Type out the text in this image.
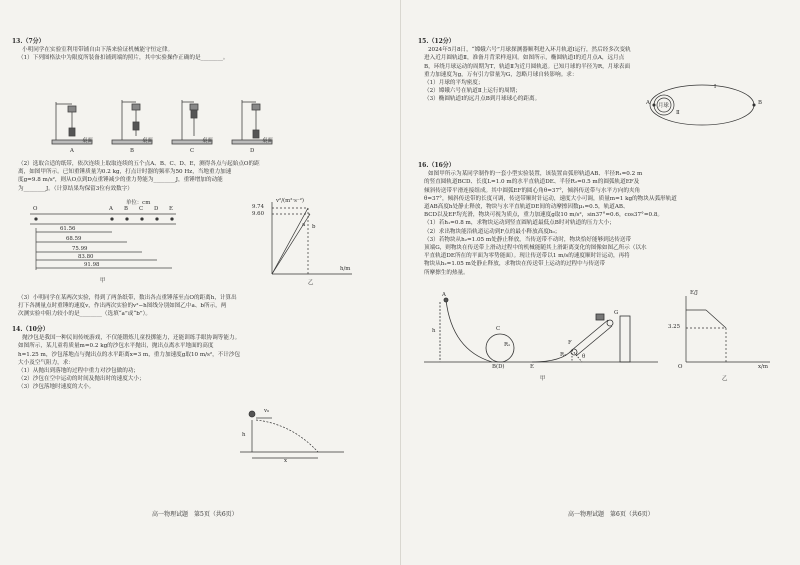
13.（7分）
小明同学在实验室利用带铺自由下落来验证机械能守恒定律。
（1）下列图格法中为限度所装备扣铺到端的照片，其中实验操作正确的是________。
桌面	桌面	桌面	桌面
A	B	C	D
（2）选取合适的纸带，依次连续上取取连续的五个点A、B、C、D、E，测得各点与起始点O的距
离，如图甲所示。已知重锤质量为0.2 kg，打点计时器的频率为50 Hz，当地重力加速
度g=9.8 m/s²，则从O点到D点重锤减少的重力势能为________J，重锤增加的动能
为________J。（计算结果均保留3位有效数字）
单位：cm
O	A B C D E
61.56
68.59
75.99
83.80
91.98
甲
v²/(m²·s⁻²)
h/m
9.74
9.60
a b
乙
（3）小明同学在某两次实验，得到了两条纸带，数出各点重锤落至点O的距离h，计算出
打下各测量点时重锤的速度v，作出两次实验的v²−h图线分别如图乙中a、b所示，两
次测实验中阻力较小的是________（选填“a”或“b”）。
14.（10分）
抛沙包是我国一种民间传统游戏，不仅能锻炼儿童投掷能力，还能训练手眼协调等能力。
如图所示，某儿童将质量m=0.2 kg的沙包水平抛出，抛出点离水平地面的高度
h=1.25 m，沙包落地点与抛出点的水平距离x=3 m，重力加速度g取10 m/s²，不计沙包
大小及空气阻力，求：
（1）从抛出到落地的过程中重力对沙包做的功；
（2）沙包在空中运动的时间及抛出时的速度大小；
（3）沙包落地时速度的大小。
v₀
h
x
高一物理试题　第5页（共6页）
15.（12分）
2024年5月8日，“嫦娥六号”月球探测器顺利进入环月轨道Ⅰ运行，然后经多次变轨
进入近月圆轨道Ⅱ，准备月背采样返回。如图所示，椭圆轨道Ⅰ的近月点A，远月点
B，环绕月球运动的周期为T，轨道Ⅱ为近月圆轨道。已知月球的半径为R，月球表面
重力加速度为g，万有引力常量为G，忽略月球自转影响。求：
（1）月球的平均密度；
（2）嫦娥六号在轨道Ⅱ上运行的周期；
（3）椭圆轨道Ⅰ的远月点B到月球球心的距离。
月球
A	B
Ⅰ
Ⅱ
16.（16分）
如图甲所示为某同学制作的一套小型实验装置，该装置由弧形轨道AB、半径R₁=0.2 m
的竖直圆轨道BCD、长度L=1.0 m的水平直轨道DE、半径R₂=0.5 m的圆弧轨道EF及
倾斜传送带平滑连接组成。其中圆弧EF的圆心角θ=37°，倾斜传送带与水平方向的夹角
θ=37°，倾斜传送带的长度可调，传送带顺时针运动，速度大小可调，质量m=1 kg的物块从弧形轨道
道AB高度h处静止释放，物块与水平直轨道DE间的动摩擦因数μ₁=0.5，轨道AB、
BCD以及EF均光滑，物块可视为质点，重力加速度g取10 m/s²，sin37°=0.6，cos37°=0.8。
（1）若h₁=0.8 m，求物块运动到竖直圆轨道最低点B时对轨道的压力大小；
（2）求出物块能沿轨道运动到F点的最小释放高度h₀；
（3）若物块从h₂=1.05 m处静止释放，当传送带不动时，物块恰好能够到达传送带
顶端G，则物块在传送带上滑动过程中的机械能随其上滑距离变化的图像如图乙所示（以水
平直轨道DE所在的平面为零势能面）。现让传送带以1 m/s的速度顺时针运动，再将
物块从h₂=1.05 m处静止释放，求物块在传送带上运动的过程中与传送带
所摩擦生的热量。
A
h	C
R₁
B(D)	E
F
R₂	θ
G
甲
E/J
x/m
3.25
O
乙
高一物理试题　第6页（共6页）
